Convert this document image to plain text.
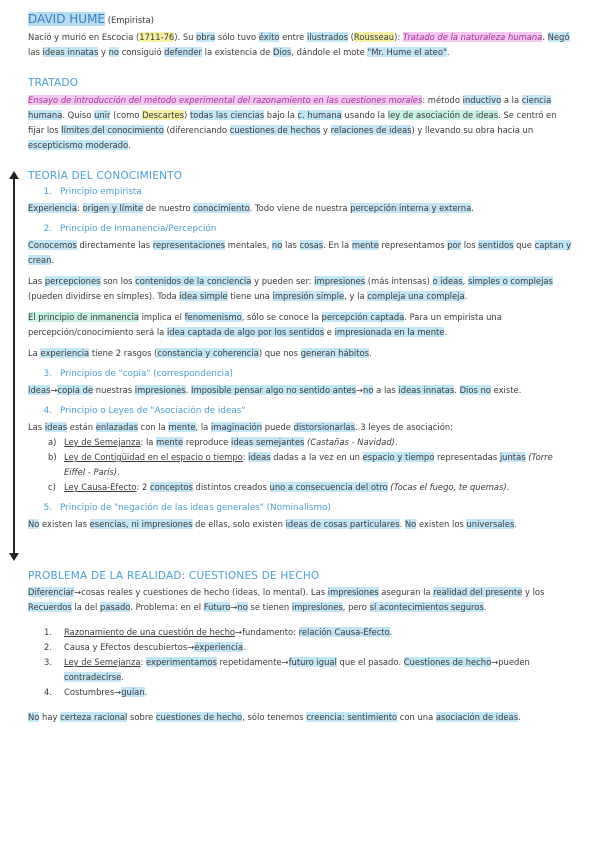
DAVID HUME (Empirista)
Nació y murió en Escocia (1711-76). Su obra sólo tuvo éxito entre ilustrados (Rousseau): Tratado de la naturaleza humana. Negó las ideas innatas y no consiguió defender la existencia de Dios, dándole el mote "Mr. Hume el ateo".
TRATADO
Ensayo de introducción del método experimental del razonamiento en las cuestiones morales: método inductivo a la ciencia humana. Quiso unir (como Descartes) todas las ciencias bajo la c. humana usando la ley de asociación de ideas. Se centró en fijar los límites del conocimiento (diferenciando cuestiones de hechos y relaciones de ideas) y llevando su obra hacia un escepticismo moderado.
TEORÍA DEL CONOCIMIENTO
1. Principio empirista
Experiencia: origen y límite de nuestro conocimiento. Todo viene de nuestra percepción interna y externa.
2. Principio de Inmanencia/Percepción
Conocemos directamente las representaciones mentales, no las cosas. En la mente representamos por los sentidos que captan y crean.
Las percepciones son los contenidos de la conciencia y pueden ser: impresiones (más intensas) o ideas, simples o complejas (pueden dividirse en simples). Toda idea simple tiene una impresión simple, y la compleja una compleja.
El principio de inmanencia implica el fenomenismo, sólo se conoce la percepción captada. Para un empirista una percepción/conocimiento será la idea captada de algo por los sentidos e impresionada en la mente.
La experiencia tiene 2 rasgos (constancia y coherencia) que nos generan hábitos.
3. Principios de "copia" (correspondencia)
Ideas→copia de nuestras impresiones. Imposible pensar algo no sentido antes→no a las ideas innatas. Dios no existe.
4. Principio o Leyes de "Asociación de ideas"
Las ideas están enlazadas con la mente, la imaginación puede distorsionarlas. 3 leyes de asociación:
a) Ley de Semejanza: la mente reproduce ideas semejantes (Castañas - Navidad).
b) Ley de Contigüidad en el espacio o tiempo: ideas dadas a la vez en un espacio y tiempo representadas juntas (Torre Eiffel - París).
c) Ley Causa-Efecto: 2 conceptos distintos creados uno a consecuencia del otro (Tocas el fuego, te quemas).
5. Principio de "negación de las ideas generales" (Nominalismo)
No existen las esencias, ni impresiones de ellas, solo existen ideas de cosas particulares. No existen los universales.
PROBLEMA DE LA REALIDAD: CUESTIONES DE HECHO
Diferenciar→cosas reales y cuestiones de hecho (ideas, lo mental). Las impresiones aseguran la realidad del presente y los Recuerdos la del pasado. Problema: en el Futuro→no se tienen impresiones, pero sí acontecimientos seguros.
1. Razonamiento de una cuestión de hecho→fundamento: relación Causa-Efecto.
2. Causa y Efectos descubiertos→experiencia.
3. Ley de Semejanza: experimentamos repetidamente→futuro igual que el pasado. Cuestiones de hecho→pueden contradecirse.
4. Costumbres→guían.
No hay certeza racional sobre cuestiones de hecho, sólo tenemos creencia: sentimiento con una asociación de ideas.
